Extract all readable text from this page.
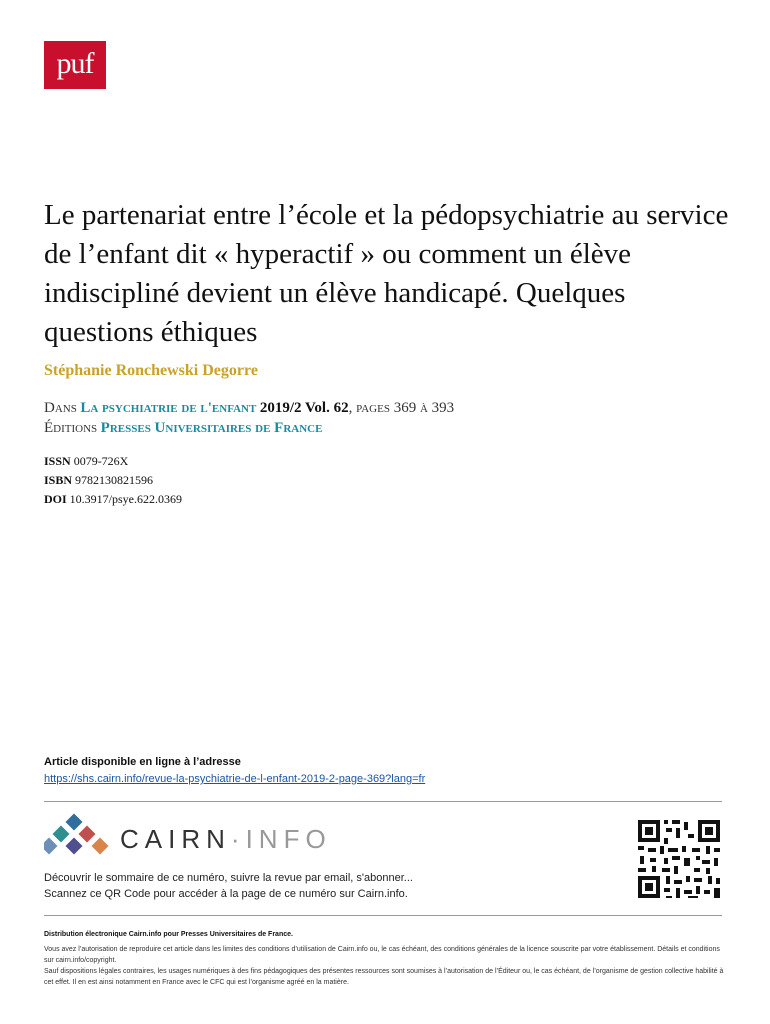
puf
Le partenariat entre l’école et la pédopsychiatrie au service de l’enfant dit « hyperactif » ou comment un élève indiscipliné devient un élève handicapé. Quelques questions éthiques
Stéphanie Ronchewski Degorre
Dans La psychiatrie de l'enfant 2019/2 Vol. 62, pages 369 à 393
Éditions Presses Universitaires de France
ISSN 0079-726X
ISBN 9782130821596
DOI 10.3917/psye.622.0369
Article disponible en ligne à l’adresse
https://shs.cairn.info/revue-la-psychiatrie-de-l-enfant-2019-2-page-369?lang=fr
CAIRN·INFO
Découvrir le sommaire de ce numéro, suivre la revue par email, s'abonner...
Scannez ce QR Code pour accéder à la page de ce numéro sur Cairn.info.
Distribution électronique Cairn.info pour Presses Universitaires de France.
Vous avez l’autorisation de reproduire cet article dans les limites des conditions d’utilisation de Cairn.info ou, le cas échéant, des conditions générales de la licence souscrite par votre établissement. Détails et conditions sur cairn.info/copyright.
Sauf dispositions légales contraires, les usages numériques à des fins pédagogiques des présentes ressources sont soumises à l’autorisation de l’Éditeur ou, le cas échéant, de l’organisme de gestion collective habilité à cet effet. Il en est ainsi notamment en France avec le CFC qui est l’organisme agréé en la matière.
